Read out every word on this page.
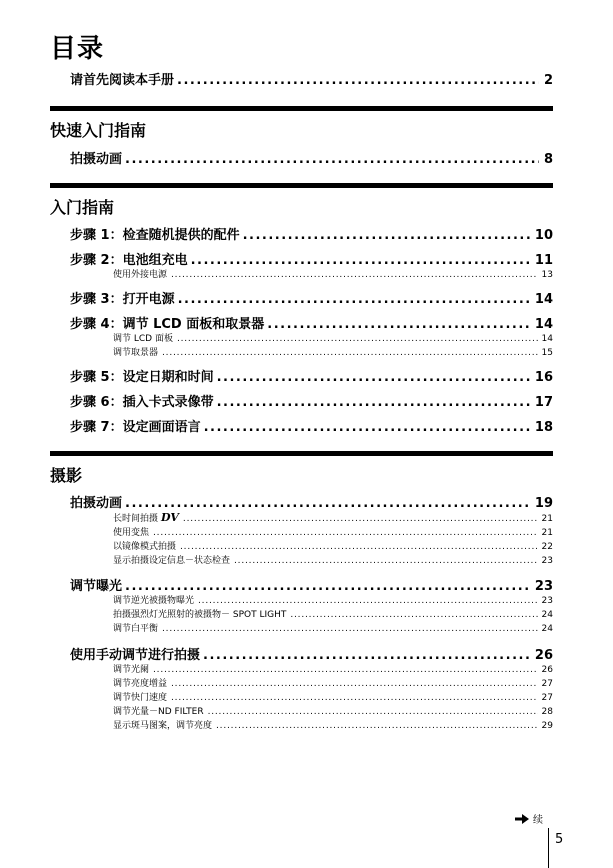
目录
请首先阅读本手册 .....	2
快速入门指南
拍摄动画 .....	8
入门指南
步骤 1：检查随机提供的配件 .....	10
步骤 2：电池组充电 .....	11
使用外接电源 .....	13
步骤 3：打开电源 .....	14
步骤 4：调节 LCD 面板和取景器 .....	14
调节 LCD 面板 .....	14
调节取景器 .....	15
步骤 5：设定日期和时间 .....	16
步骤 6：插入卡式录像带 .....	17
步骤 7：设定画面语言 .....	18
摄影
拍摄动画 .....	19
长时间拍摄 DV .....	21
使用变焦 .....	21
以镜像模式拍摄 .....	22
显示拍摄设定信息－状态检查 .....	23
调节曝光 .....	23
调节逆光被摄物曝光 .....	23
拍摄强烈灯光照射的被摄物－ SPOT LIGHT .....	24
调节白平衡 .....	24
使用手动调节进行拍摄 .....	26
调节光阑 .....	26
调节亮度增益 .....	27
调节快门速度 .....	27
调节光量－ND FILTER .....	28
显示斑马图案，调节亮度 .....	29
续
5
